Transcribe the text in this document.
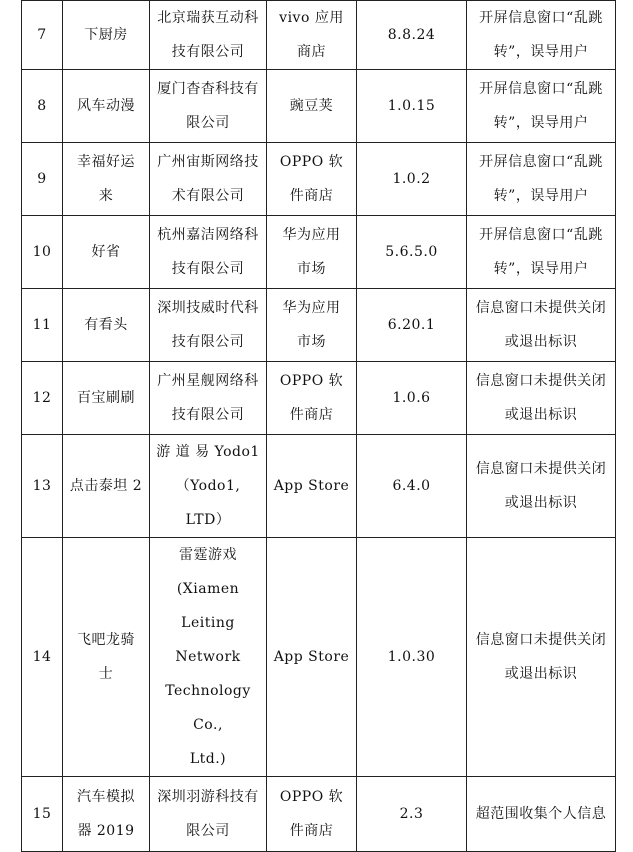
7	下厨房	北京瑞获互动科
技有限公司	vivo 应用
商店	8.8.24	开屏信息窗口“乱跳
转”，误导用户

8	风车动漫	厦门杳杳科技有
限公司	豌豆荚	1.0.15	开屏信息窗口“乱跳
转”，误导用户

9	幸福好运
来	广州宙斯网络技
术有限公司	OPPO 软
件商店	1.0.2	开屏信息窗口“乱跳
转”，误导用户

10	好省	杭州嘉洁网络科
技有限公司	华为应用
市场	5.6.5.0	开屏信息窗口“乱跳
转”，误导用户

11	有看头	深圳技威时代科
技有限公司	华为应用
市场	6.20.1	信息窗口未提供关闭
或退出标识

12	百宝刷刷	广州星舰网络科
技有限公司	OPPO 软
件商店	1.0.6	信息窗口未提供关闭
或退出标识

13	点击泰坦 2	游 道 易 Yodo1
（Yodo1, LTD）	App Store	6.4.0	信息窗口未提供关闭
或退出标识

14	飞吧龙骑
士	雷霆游戏
(Xiamen Leiting
Network
Technology Co.,
Ltd.)	App Store	1.0.30	信息窗口未提供关闭
或退出标识

15	汽车模拟
器 2019	深圳羽游科技有
限公司	OPPO 软
件商店	2.3	超范围收集个人信息
